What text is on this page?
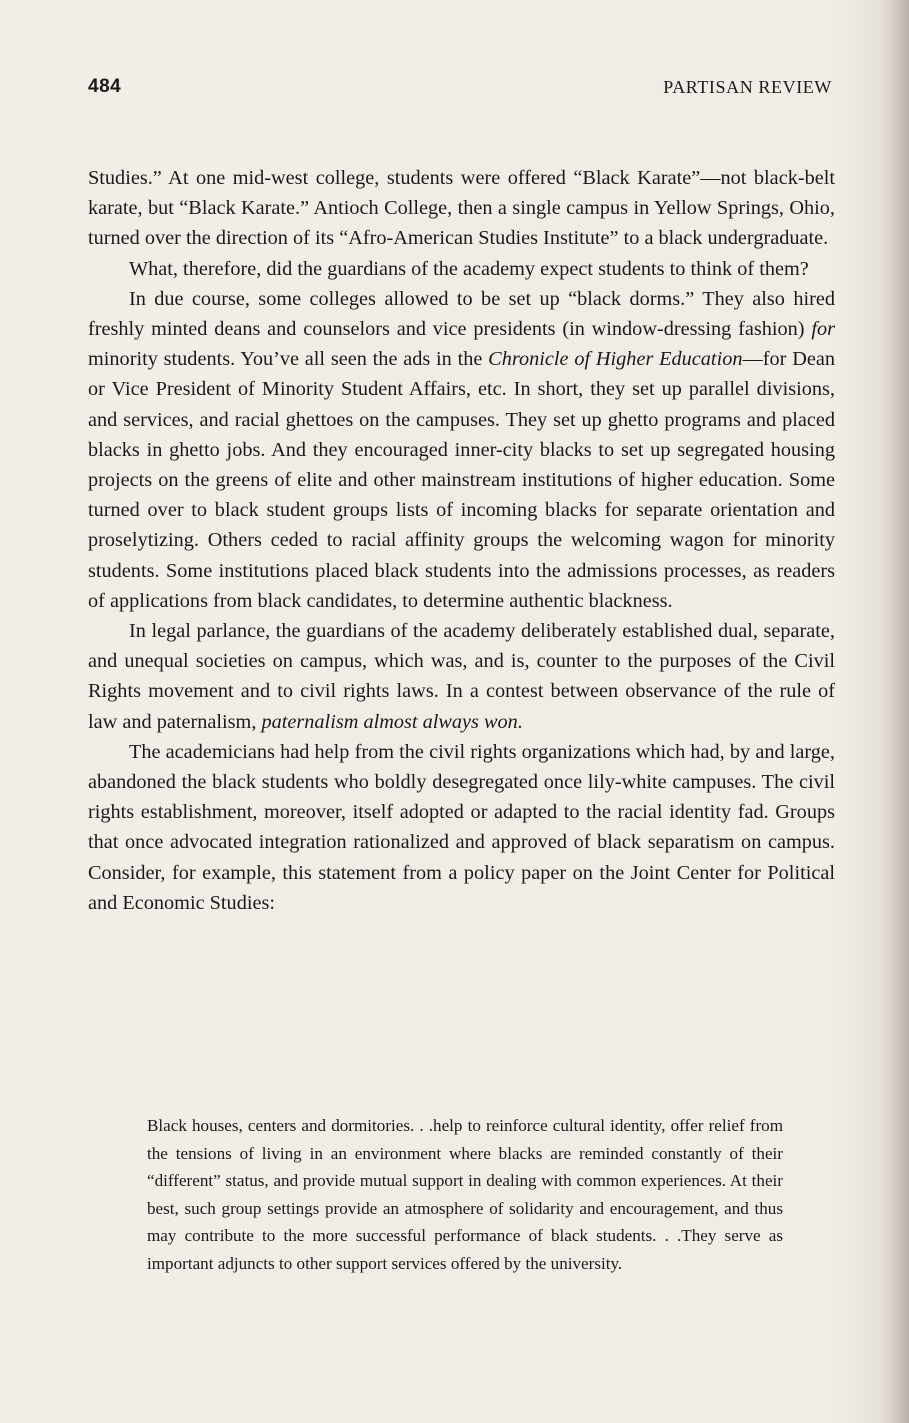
484	PARTISAN REVIEW

Studies.” At one mid-west college, students were offered “Black Karate”—not black-belt karate, but “Black Karate.” Antioch College, then a single campus in Yellow Springs, Ohio, turned over the direction of its “Afro-American Studies Institute” to a black undergraduate.

What, therefore, did the guardians of the academy expect students to think of them?

In due course, some colleges allowed to be set up “black dorms.” They also hired freshly minted deans and counselors and vice presidents (in window-dressing fashion) for minority students. You’ve all seen the ads in the Chronicle of Higher Education—for Dean or Vice President of Minority Student Affairs, etc. In short, they set up parallel divisions, and services, and racial ghettoes on the campuses. They set up ghetto programs and placed blacks in ghetto jobs. And they encouraged inner-city blacks to set up segregated housing projects on the greens of elite and other mainstream institutions of higher education. Some turned over to black student groups lists of incoming blacks for separate orientation and proselytizing. Others ceded to racial affinity groups the welcoming wagon for minority students. Some institutions placed black students into the admissions processes, as readers of applications from black candidates, to determine authentic blackness.

In legal parlance, the guardians of the academy deliberately established dual, separate, and unequal societies on campus, which was, and is, counter to the purposes of the Civil Rights movement and to civil rights laws. In a contest between observance of the rule of law and paternalism, paternalism almost always won.

The academicians had help from the civil rights organizations which had, by and large, abandoned the black students who boldly desegregated once lily-white campuses. The civil rights establishment, moreover, itself adopted or adapted to the racial identity fad. Groups that once advocated integration rationalized and approved of black separatism on campus. Consider, for example, this statement from a policy paper on the Joint Center for Political and Economic Studies:

Black houses, centers and dormitories. . .help to reinforce cultural identity, offer relief from the tensions of living in an environment where blacks are reminded constantly of their “different” status, and provide mutual support in dealing with common experiences. At their best, such group settings provide an atmosphere of solidarity and encouragement, and thus may contribute to the more successful performance of black students. . .They serve as important adjuncts to other support services offered by the university.
